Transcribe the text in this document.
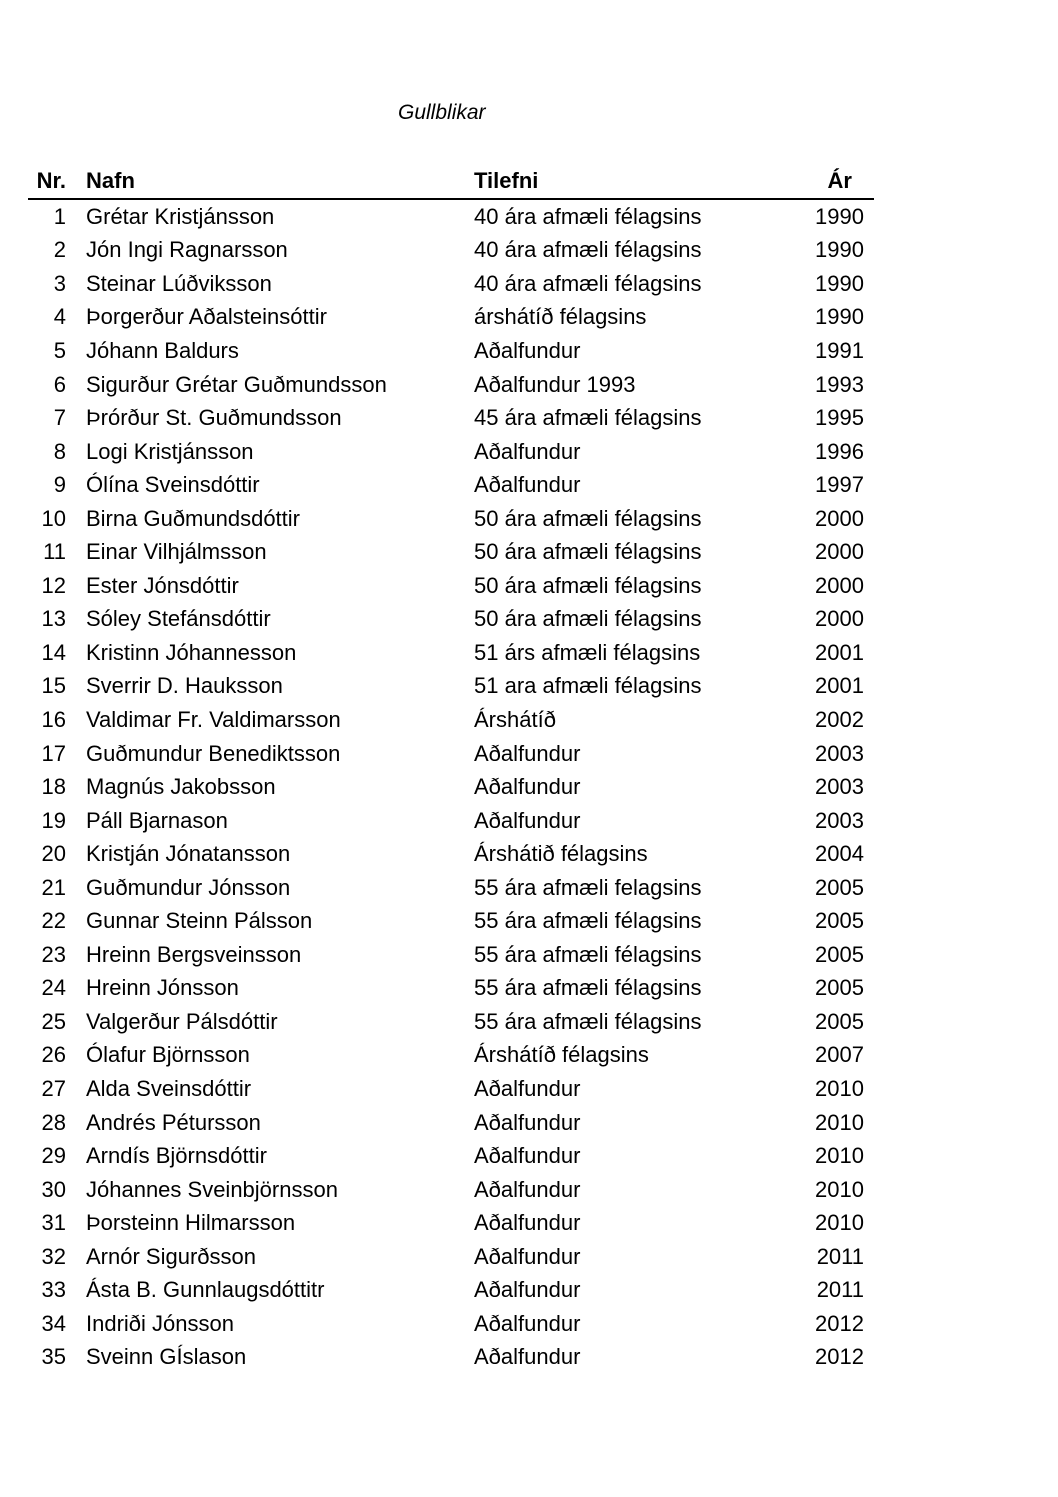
Gullblikar
Nr. Nafn	Tilefni	Ár
1 Grétar Kristjánsson	40 ára afmæli félagsins	1990
2 Jón Ingi Ragnarsson	40 ára afmæli félagsins	1990
3 Steinar Lúðviksson	40 ára afmæli félagsins	1990
4 Þorgerður Aðalsteinsóttir	árshátíð félagsins	1990
5 Jóhann Baldurs	Aðalfundur	1991
6 Sigurður Grétar Guðmundsson	Aðalfundur 1993	1993
7 Þrórður St. Guðmundsson	45 ára afmæli félagsins	1995
8 Logi Kristjánsson	Aðalfundur	1996
9 Ólína Sveinsdóttir	Aðalfundur	1997
10 Birna Guðmundsdóttir	50 ára afmæli félagsins	2000
11 Einar Vilhjálmsson	50 ára afmæli félagsins	2000
12 Ester Jónsdóttir	50 ára afmæli félagsins	2000
13 Sóley Stefánsdóttir	50 ára afmæli félagsins	2000
14 Kristinn Jóhannesson	51 árs afmæli félagsins	2001
15 Sverrir D. Hauksson	51 ara afmæli félagsins	2001
16 Valdimar Fr. Valdimarsson	Árshátíð	2002
17 Guðmundur Benediktsson	Aðalfundur	2003
18 Magnús Jakobsson	Aðalfundur	2003
19 Páll Bjarnason	Aðalfundur	2003
20 Kristján Jónatansson	Árshátið félagsins	2004
21 Guðmundur Jónsson	55 ára afmæli felagsins	2005
22 Gunnar Steinn Pálsson	55 ára afmæli félagsins	2005
23 Hreinn Bergsveinsson	55 ára afmæli félagsins	2005
24 Hreinn Jónsson	55 ára afmæli félagsins	2005
25 Valgerður Pálsdóttir	55 ára afmæli félagsins	2005
26 Ólafur Björnsson	Árshátíð félagsins	2007
27 Alda Sveinsdóttir	Aðalfundur	2010
28 Andrés Pétursson	Aðalfundur	2010
29 Arndís Björnsdóttir	Aðalfundur	2010
30 Jóhannes Sveinbjörnsson	Aðalfundur	2010
31 Þorsteinn Hilmarsson	Aðalfundur	2010
32 Arnór Sigurðsson	Aðalfundur	2011
33 Ásta B. Gunnlaugsdóttitr	Aðalfundur	2011
34 Indriði Jónsson	Aðalfundur	2012
35 Sveinn GÍslason	Aðalfundur	2012
